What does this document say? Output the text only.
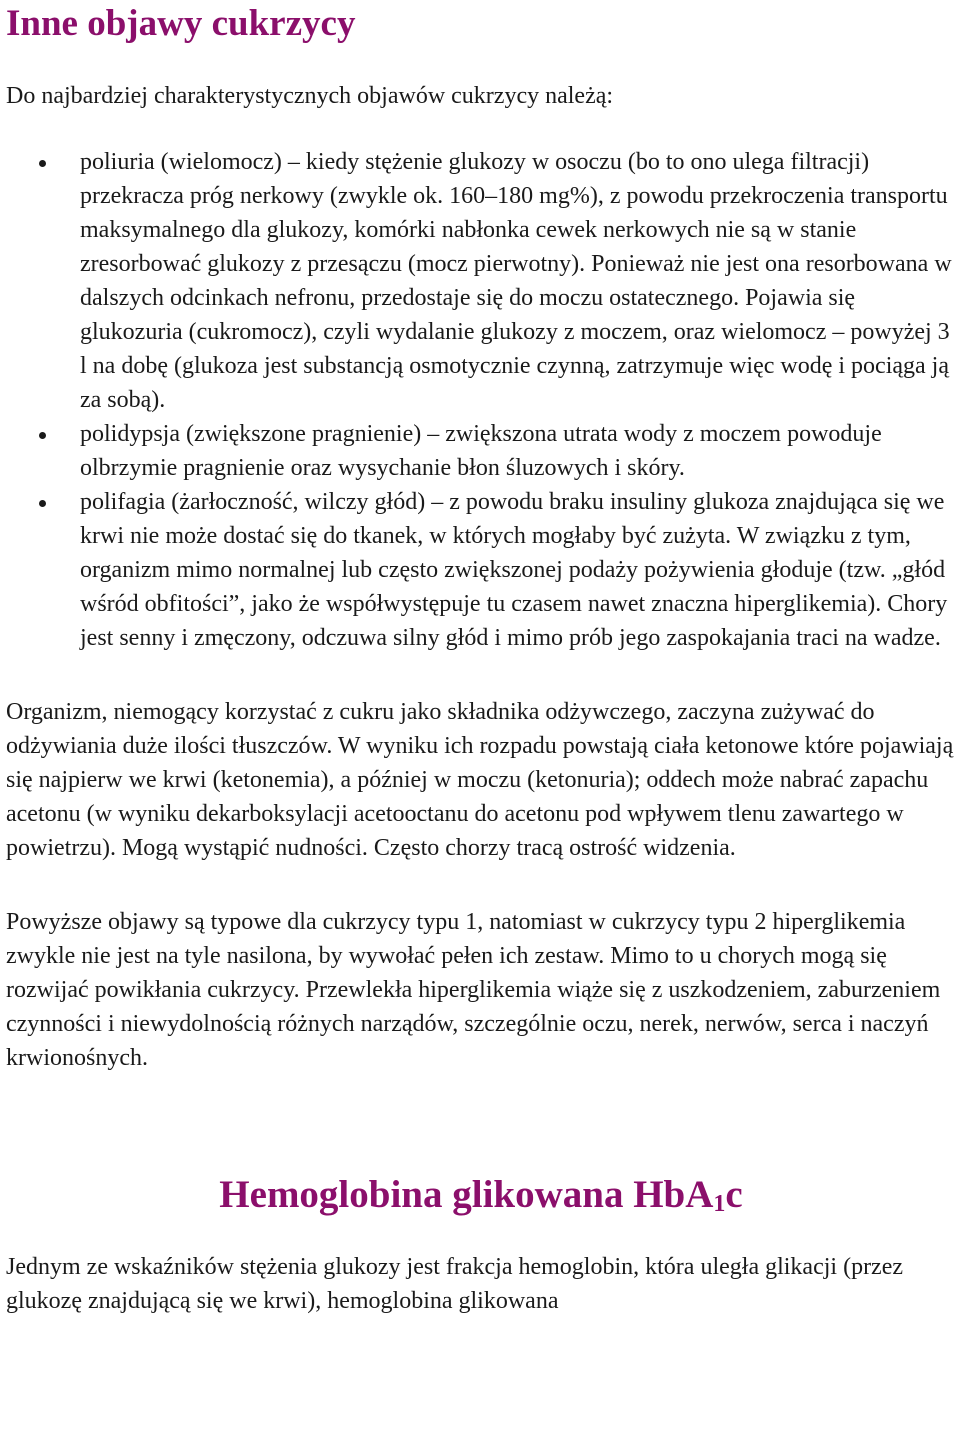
Inne objawy cukrzycy

Do najbardziej charakterystycznych objawów cukrzycy należą:

poliuria (wielomocz) – kiedy stężenie glukozy w osoczu (bo to ono ulega filtracji) przekracza próg nerkowy (zwykle ok. 160–180 mg%), z powodu przekroczenia transportu maksymalnego dla glukozy, komórki nabłonka cewek nerkowych nie są w stanie zresorbować glukozy z przesączu (mocz pierwotny). Ponieważ nie jest ona resorbowana w dalszych odcinkach nefronu, przedostaje się do moczu ostatecznego. Pojawia się glukozuria (cukromocz), czyli wydalanie glukozy z moczem, oraz wielomocz – powyżej 3 l na dobę (glukoza jest substancją osmotycznie czynną, zatrzymuje więc wodę i pociąga ją za sobą).
polidypsja (zwiększone pragnienie) – zwiększona utrata wody z moczem powoduje olbrzymie pragnienie oraz wysychanie błon śluzowych i skóry.
polifagia (żarłoczność, wilczy głód) – z powodu braku insuliny glukoza znajdująca się we krwi nie może dostać się do tkanek, w których mogłaby być zużyta. W związku z tym, organizm mimo normalnej lub często zwiększonej podaży pożywienia głoduje (tzw. „głód wśród obfitości”, jako że współwystępuje tu czasem nawet znaczna hiperglikemia). Chory jest senny i zmęczony, odczuwa silny głód i mimo prób jego zaspokajania traci na wadze.

Organizm, niemogący korzystać z cukru jako składnika odżywczego, zaczyna zużywać do odżywiania duże ilości tłuszczów. W wyniku ich rozpadu powstają ciała ketonowe które pojawiają się najpierw we krwi (ketonemia), a później w moczu (ketonuria); oddech może nabrać zapachu acetonu (w wyniku dekarboksylacji acetooctanu do acetonu pod wpływem tlenu zawartego w powietrzu). Mogą wystąpić nudności. Często chorzy tracą ostrość widzenia.

Powyższe objawy są typowe dla cukrzycy typu 1, natomiast w cukrzycy typu 2 hiperglikemia zwykle nie jest na tyle nasilona, by wywołać pełen ich zestaw. Mimo to u chorych mogą się rozwijać powikłania cukrzycy. Przewlekła hiperglikemia wiąże się z uszkodzeniem, zaburzeniem czynności i niewydolnością różnych narządów, szczególnie oczu, nerek, nerwów, serca i naczyń krwionośnych.

Hemoglobina glikowana HbA$_1$c

Jednym ze wskaźników stężenia glukozy jest frakcja hemoglobin, która uległa glikacji (przez glukozę znajdującą się we krwi), hemoglobina glikowana
